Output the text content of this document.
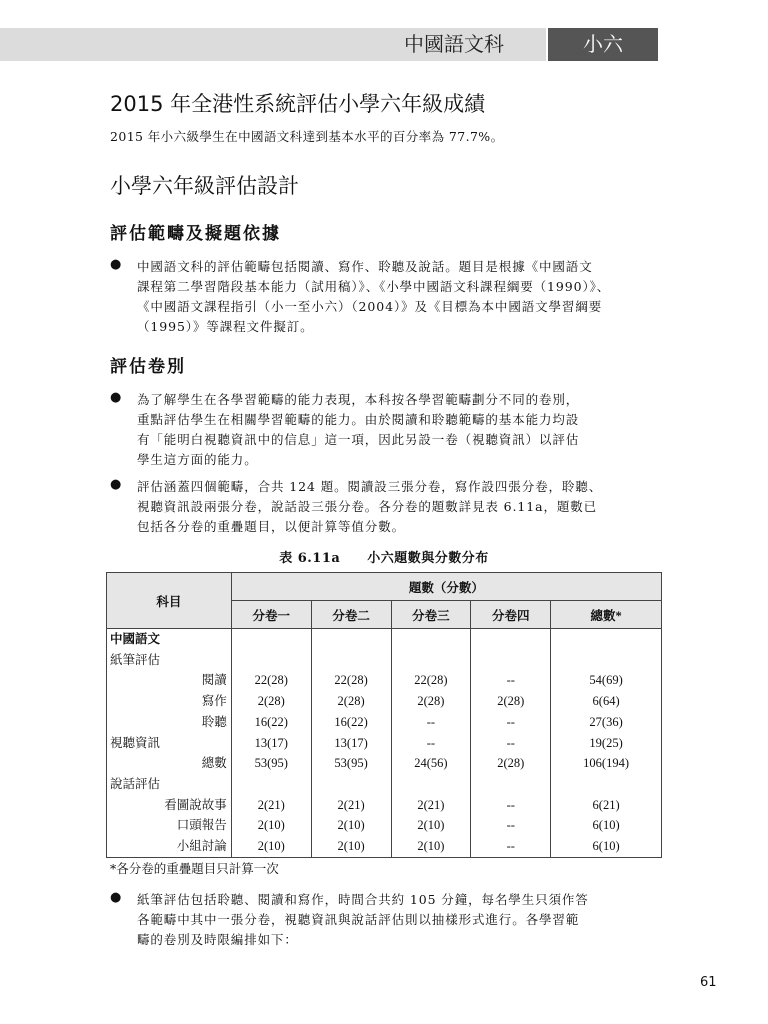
中國語文科	小六
2015 年全港性系統評估小學六年級成績
2015 年小六級學生在中國語文科達到基本水平的百分率為 77.7%。
小學六年級評估設計
評估範疇及擬題依據
● 中國語文科的評估範疇包括閱讀、寫作、聆聽及說話。題目是根據《中國語文
課程第二學習階段基本能力（試用稿）》、《小學中國語文科課程綱要（1990）》、
《中國語文課程指引（小一至小六）（2004）》及《目標為本中國語文學習綱要
（1995）》等課程文件擬訂。
評估卷別
● 為了解學生在各學習範疇的能力表現，本科按各學習範疇劃分不同的卷別，
重點評估學生在相關學習範疇的能力。由於閱讀和聆聽範疇的基本能力均設
有「能明白視聽資訊中的信息」這一項，因此另設一卷（視聽資訊）以評估
學生這方面的能力。
● 評估涵蓋四個範疇，合共 124 題。閱讀設三張分卷，寫作設四張分卷，聆聽、
視聽資訊設兩張分卷，說話設三張分卷。各分卷的題數詳見表 6.11a，題數已
包括各分卷的重疊題目，以便計算等值分數。
表 6.11a　　小六題數與分數分布
科目	題數（分數）				
	分卷一	分卷二	分卷三	分卷四	總數*
中國語文					
紙筆評估					
閱讀	22(28)	22(28)	22(28)	--	54(69)
寫作	2(28)	2(28)	2(28)	2(28)	6(64)
聆聽	16(22)	16(22)	--	--	27(36)
視聽資訊	13(17)	13(17)	--	--	19(25)
總數	53(95)	53(95)	24(56)	2(28)	106(194)
說話評估					
看圖說故事	2(21)	2(21)	2(21)	--	6(21)
口頭報告	2(10)	2(10)	2(10)	--	6(10)
小組討論	2(10)	2(10)	2(10)	--	6(10)
*各分卷的重疊題目只計算一次
● 紙筆評估包括聆聽、閱讀和寫作，時間合共約 105 分鐘，每名學生只須作答
各範疇中其中一張分卷，視聽資訊與說話評估則以抽樣形式進行。各學習範
疇的卷別及時限編排如下：
61
